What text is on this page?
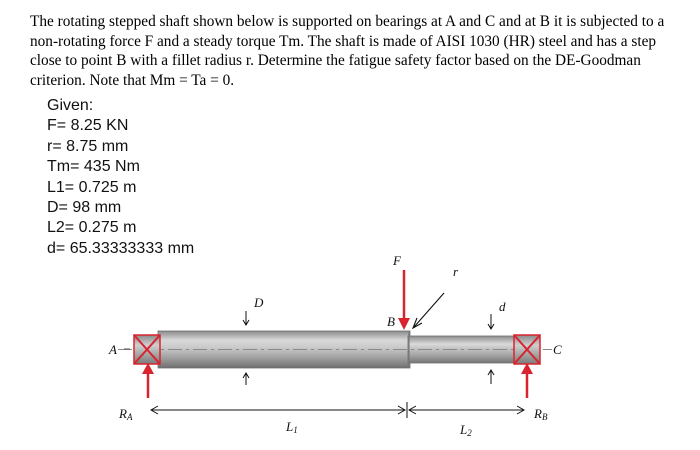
The rotating stepped shaft shown below is supported on bearings at A and C and at B it is subjected to a non-rotating force F and a steady torque Tm. The shaft is made of AISI 1030 (HR) steel and has a step close to point B with a fillet radius r. Determine the fatigue safety factor based on the DE-Goodman criterion. Note that Mm = Ta = 0.

Given:
F= 8.25 KN
r= 8.75 mm
Tm= 435 Nm
L1= 0.725 m
D= 98 mm
L2= 0.275 m
d= 65.33333333 mm
F
r
D	d
B
A	C
RA	RB
L1	L2
